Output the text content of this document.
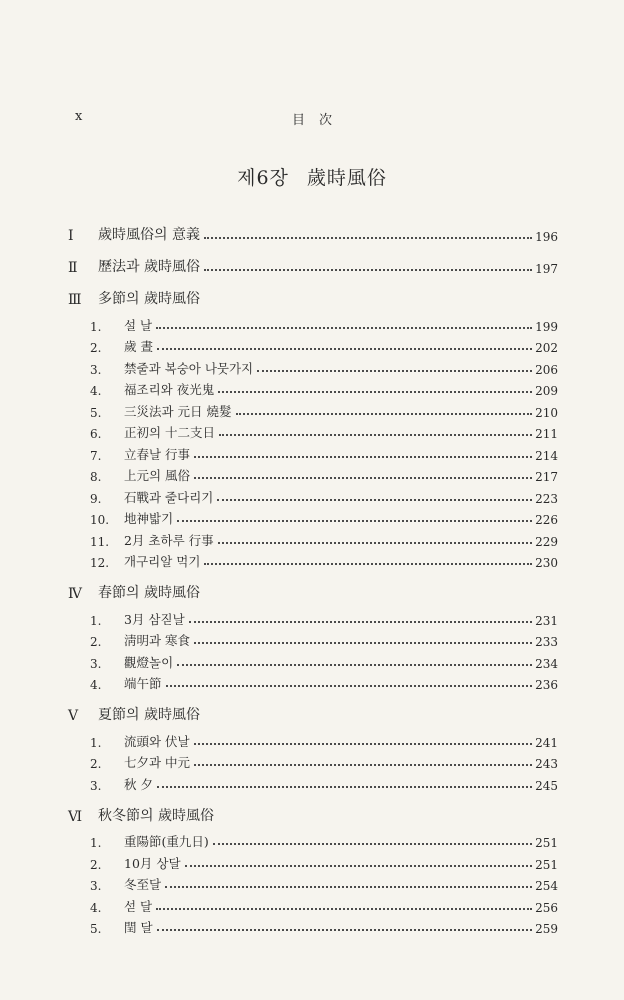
x	目次
제6장 歲時風俗
Ⅰ	歲時風俗의 意義	196
Ⅱ	歷法과 歲時風俗	197
Ⅲ	多節의 歲時風俗
1.	설 날	199
2.	歲 晝	202
3.	禁줄과 복숭아 나뭇가지	206
4.	福조리와 夜光鬼	209
5.	三災法과 元日 燒髮	210
6.	正初의 十二支日	211
7.	立春날 行事	214
8.	上元의 風俗	217
9.	石戰과 줄다리기	223
10.	地神밟기	226
11.	2月 초하루 行事	229
12.	개구리알 먹기	230
Ⅳ	春節의 歲時風俗
1.	3月 삼짇날	231
2.	淸明과 寒食	233
3.	觀燈놀이	234
4.	端午節	236
Ⅴ	夏節의 歲時風俗
1.	流頭와 伏날	241
2.	七夕과 中元	243
3.	秋 夕	245
Ⅵ	秋冬節의 歲時風俗
1.	重陽節(重九日)	251
2.	10月 상달	251
3.	冬至달	254
4.	섣 달	256
5.	閏 달	259
